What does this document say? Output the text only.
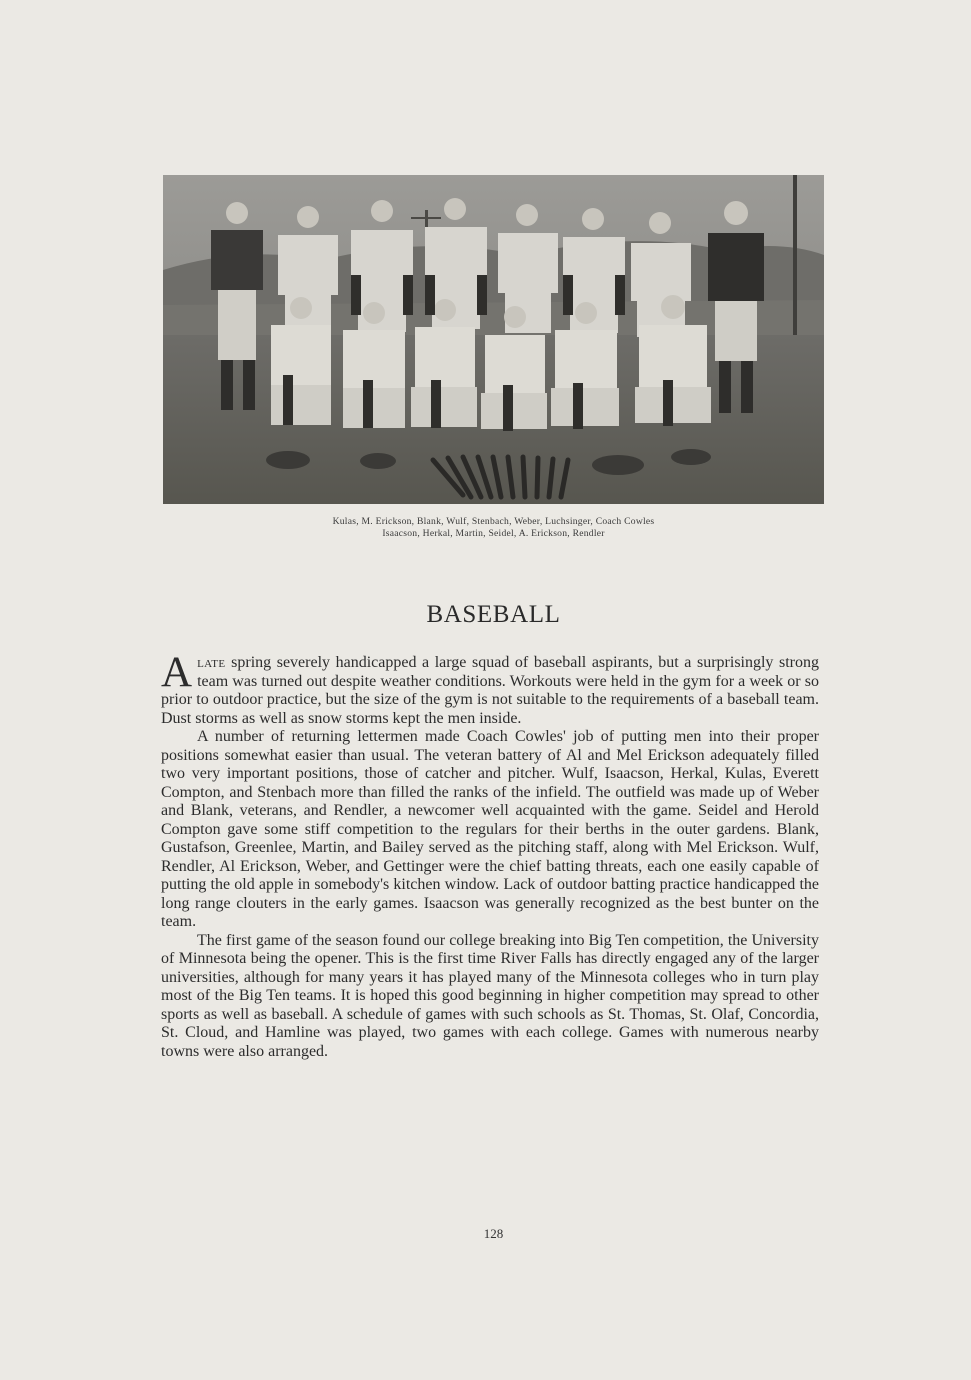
Kulas, M. Erickson, Blank, Wulf, Stenbach, Weber, Luchsinger, Coach Cowles
Isaacson, Herkal, Martin, Seidel, A. Erickson, Rendler
BASEBALL

Alate spring severely handicapped a large squad of baseball aspirants, but a surprisingly strong team was turned out despite weather conditions. Workouts were held in the gym for a week or so prior to outdoor practice, but the size of the gym is not suitable to the requirements of a baseball team. Dust storms as well as snow storms kept the men inside.

A number of returning lettermen made Coach Cowles' job of putting men into their proper positions somewhat easier than usual. The veteran battery of Al and Mel Erickson adequately filled two very important positions, those of catcher and pitcher. Wulf, Isaacson, Herkal, Kulas, Everett Compton, and Stenbach more than filled the ranks of the infield. The outfield was made up of Weber and Blank, veterans, and Rendler, a newcomer well acquainted with the game. Seidel and Herold Compton gave some stiff competition to the regulars for their berths in the outer gardens. Blank, Gustafson, Greenlee, Martin, and Bailey served as the pitching staff, along with Mel Erickson. Wulf, Rendler, Al Erickson, Weber, and Gettinger were the chief batting threats, each one easily capable of putting the old apple in somebody's kitchen window. Lack of outdoor batting practice handicapped the long range clouters in the early games. Isaacson was generally recognized as the best bunter on the team.

The first game of the season found our college breaking into Big Ten competition, the University of Minnesota being the opener. This is the first time River Falls has directly engaged any of the larger universities, although for many years it has played many of the Minnesota colleges who in turn play most of the Big Ten teams. It is hoped this good beginning in higher competition may spread to other sports as well as baseball. A schedule of games with such schools as St. Thomas, St. Olaf, Concordia, St. Cloud, and Hamline was played, two games with each college. Games with numerous nearby towns were also arranged.

128
